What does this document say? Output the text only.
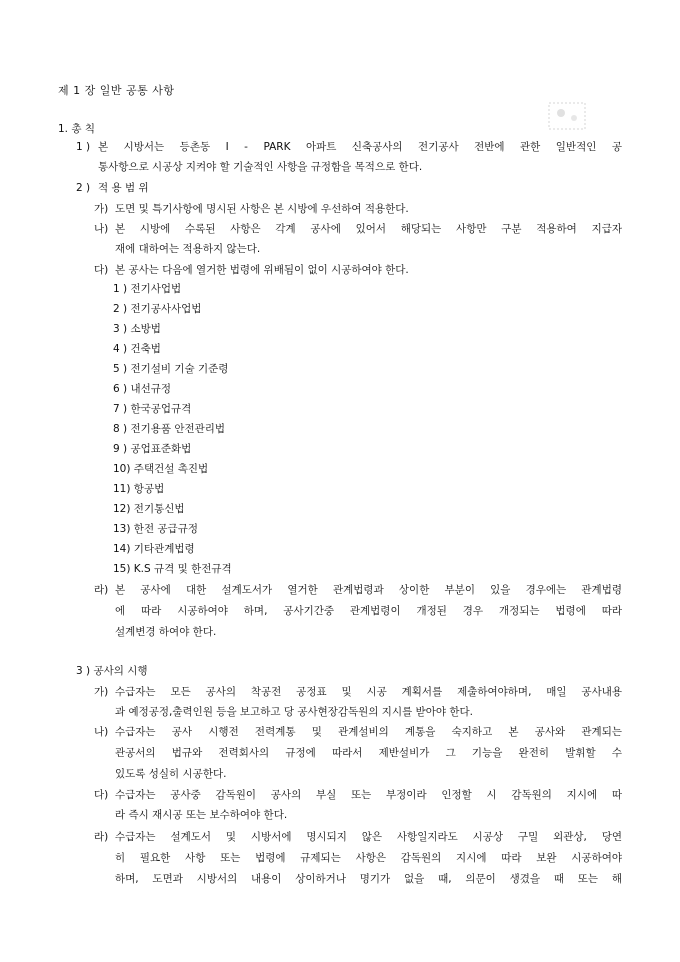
제 1 장 일반 공통 사항
1. 총 칙
1 ) 본 시방서는 등촌동 I - PARK 아파트 신축공사의 전기공사 전반에 관한 일반적인 공
통사항으로 시공상 지켜야 할 기술적인 사항을 규정함을 목적으로 한다.
2 ) 적 용 범 위
가) 도면 및 특기사항에 명시된 사항은 본 시방에 우선하여 적용한다.
나) 본 시방에 수록된 사항은 각계 공사에 있어서 해당되는 사항만 구분 적용하여 지급자
재에 대하여는 적용하지 않는다.
다) 본 공사는 다음에 열거한 법령에 위배됨이 없이 시공하여야 한다.
1 ) 전기사업법
2 ) 전기공사사업법
3 ) 소방법
4 ) 건축법
5 ) 전기설비 기술 기준령
6 ) 내선규정
7 ) 한국공업규격
8 ) 전기용품 안전관리법
9 ) 공업표준화법
10) 주택건설 촉진법
11) 항공법
12) 전기통신법
13) 한전 공급규정
14) 기타관계법령
15) K.S 규격 및 한전규격
라) 본 공사에 대한 설계도서가 열거한 관계법령과 상이한 부분이 있을 경우에는 관계법령
에 따라 시공하여야 하며, 공사기간중 관계법령이 개정된 경우 개정되는 법령에 따라
설계변경 하여야 한다.
3 ) 공사의 시행
가) 수급자는 모든 공사의 착공전 공정표 및 시공 계획서를 제출하여야하며, 매일 공사내용
과 예정공정,출력인원 등을 보고하고 당 공사현장감독원의 지시를 받아야 한다.
나) 수급자는 공사 시행전 전력계통 및 관계설비의 계통을 숙지하고 본 공사와 관계되는
관공서의 법규와 전력회사의 규정에 따라서 제반설비가 그 기능을 완전히 발휘할 수
있도록 성실히 시공한다.
다) 수급자는 공사중 감독원이 공사의 부실 또는 부정이라 인정할 시 감독원의 지시에 따
라 즉시 재시공 또는 보수하여야 한다.
라) 수급자는 설계도서 및 시방서에 명시되지 않은 사항일지라도 시공상 구밀 외관상, 당연
히 필요한 사항 또는 법령에 규제되는 사항은 감독원의 지시에 따라 보완 시공하여야
하며, 도면과 시방서의 내용이 상이하거나 명기가 없을 때, 의문이 생겼을 때 또는 해
